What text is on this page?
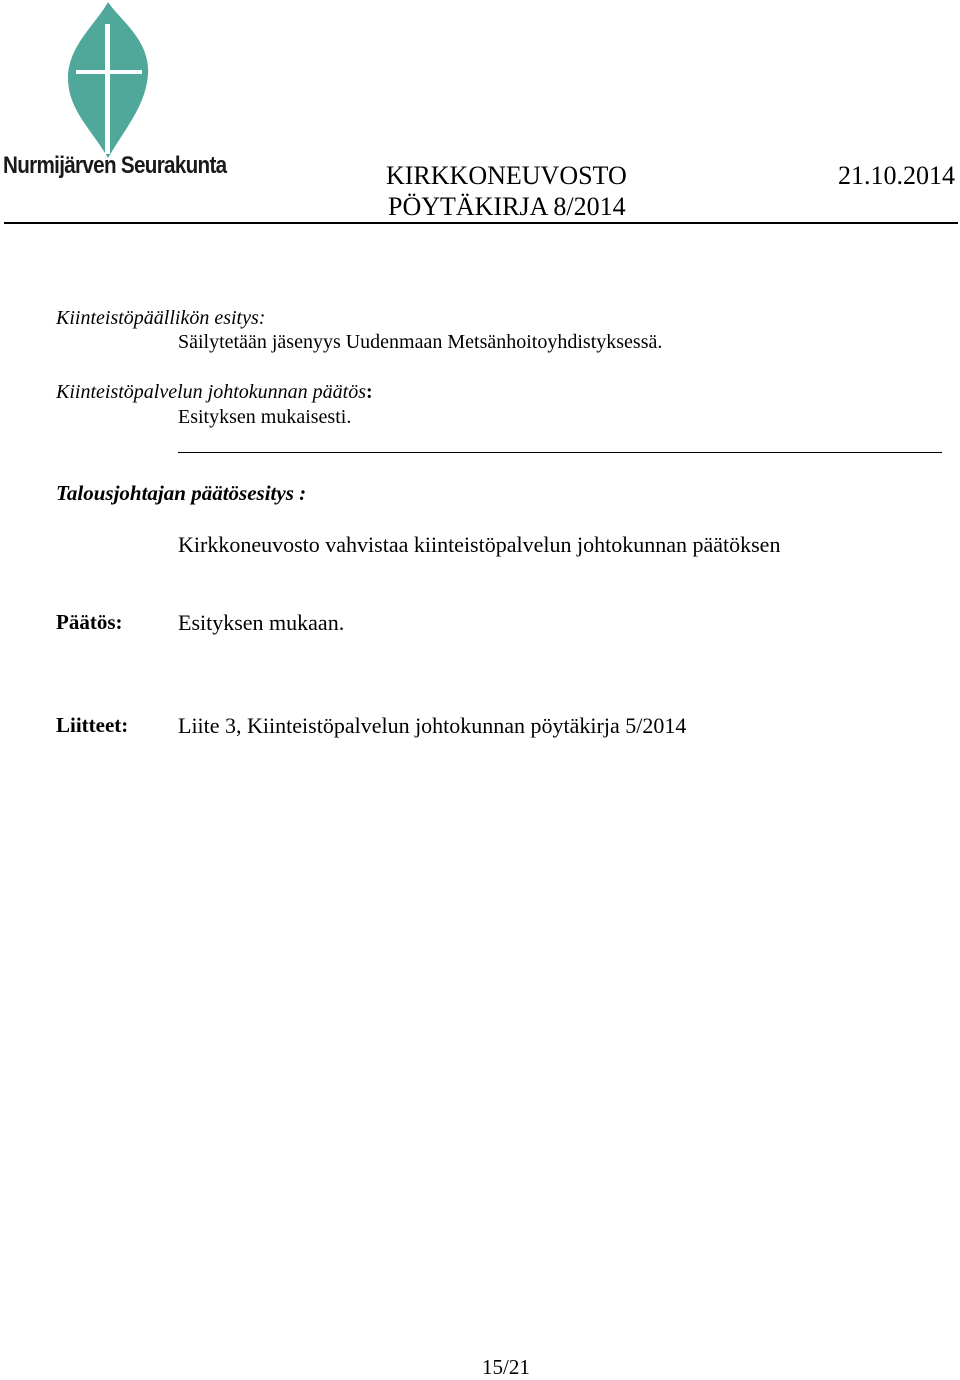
Nurmijärven Seurakunta	KIRKKONEUVOSTO	21.10.2014
PÖYTÄKIRJA 8/2014
Kiinteistöpäällikön esitys:
Säilytetään jäsenyys Uudenmaan Metsänhoitoyhdistyksessä.
Kiinteistöpalvelun johtokunnan päätös:
Esityksen mukaisesti.
Talousjohtajan päätösesitys :
Kirkkoneuvosto vahvistaa kiinteistöpalvelun johtokunnan päätöksen
Päätös:	Esityksen mukaan.
Liitteet: Liite 3, Kiinteistöpalvelun johtokunnan pöytäkirja 5/2014
15/21
